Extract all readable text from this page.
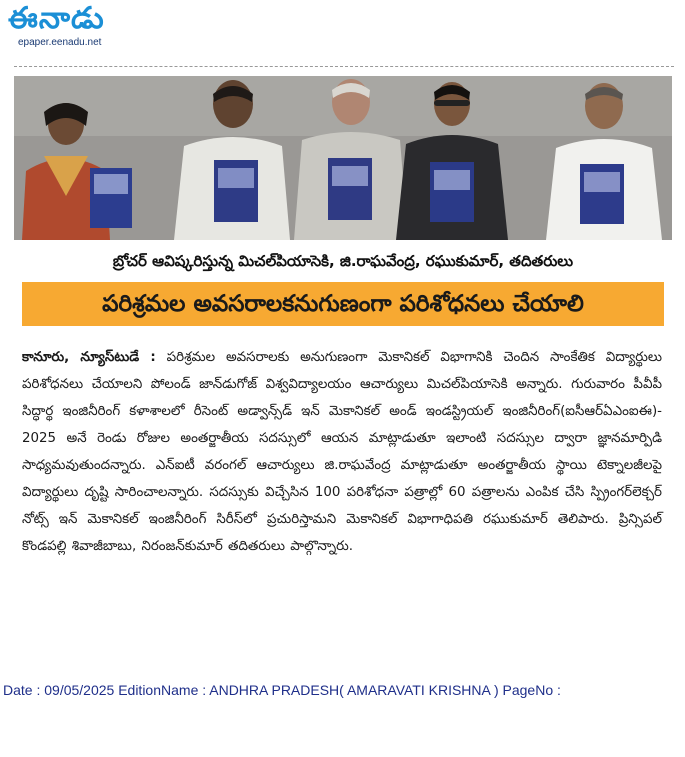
ఈనాడు
epaper.eenadu.net
బ్రోచర్ ఆవిష్కరిస్తున్న మిచల్‌పియాసెకి, జి.రాఘవేంద్ర, రఘుకుమార్, తదితరులు
పరిశ్రమల అవసరాలకనుగుణంగా పరిశోధనలు చేయాలి
కానూరు, న్యూస్‌టుడే : పరిశ్రమల అవసరాలకు అనుగుణంగా మెకానికల్ విభాగానికి చెందిన సాంకేతిక విద్యార్థులు పరిశోధనలు చేయాలని పోలండ్ జాన్‌డుగోజ్ విశ్వవిద్యాలయం ఆచార్యులు మిచల్‌పియాసెకి అన్నారు. గురువారం పీవీపీ సిద్ధార్థ ఇంజినీరింగ్ కళాశాలలో రీసెంట్ అడ్వాన్స్‌డ్ ఇన్ మెకానికల్ అండ్ ఇండస్ట్రియల్ ఇంజినీరింగ్(ఐసీఆర్ఏఎంఐఈ)- 2025 అనే రెండు రోజుల అంతర్జాతీయ సదస్సులో ఆయన మాట్లాడుతూ ఇలాంటి సదస్సుల ద్వారా జ్ఞానమార్పిడి సాధ్యమవుతుందన్నారు. ఎన్ఐటీ వరంగల్ ఆచార్యులు జి.రాఘవేంద్ర మాట్లాడుతూ అంతర్జాతీయ స్థాయి టెక్నాలజీలపై విద్యార్థులు దృష్టి సారించాలన్నారు. సదస్సుకు విచ్చేసిన 100 పరిశోధనా పత్రాల్లో 60 పత్రాలను ఎంపిక చేసి స్ప్రింగర్‌లెక్చర్ నోట్స్ ఇన్ మెకానికల్ ఇంజినీరింగ్ సిరీస్‌లో ప్రచురిస్తామని మెకానికల్ విభాగాధిపతి రఘుకుమార్ తెలిపారు. ప్రిన్సిపల్ కొండపల్లి శివాజీబాబు, నిరంజన్‌కుమార్ తదితరులు పాల్గొన్నారు.
Date : 09/05/2025 EditionName : ANDHRA PRADESH( AMARAVATI KRISHNA ) PageNo :
